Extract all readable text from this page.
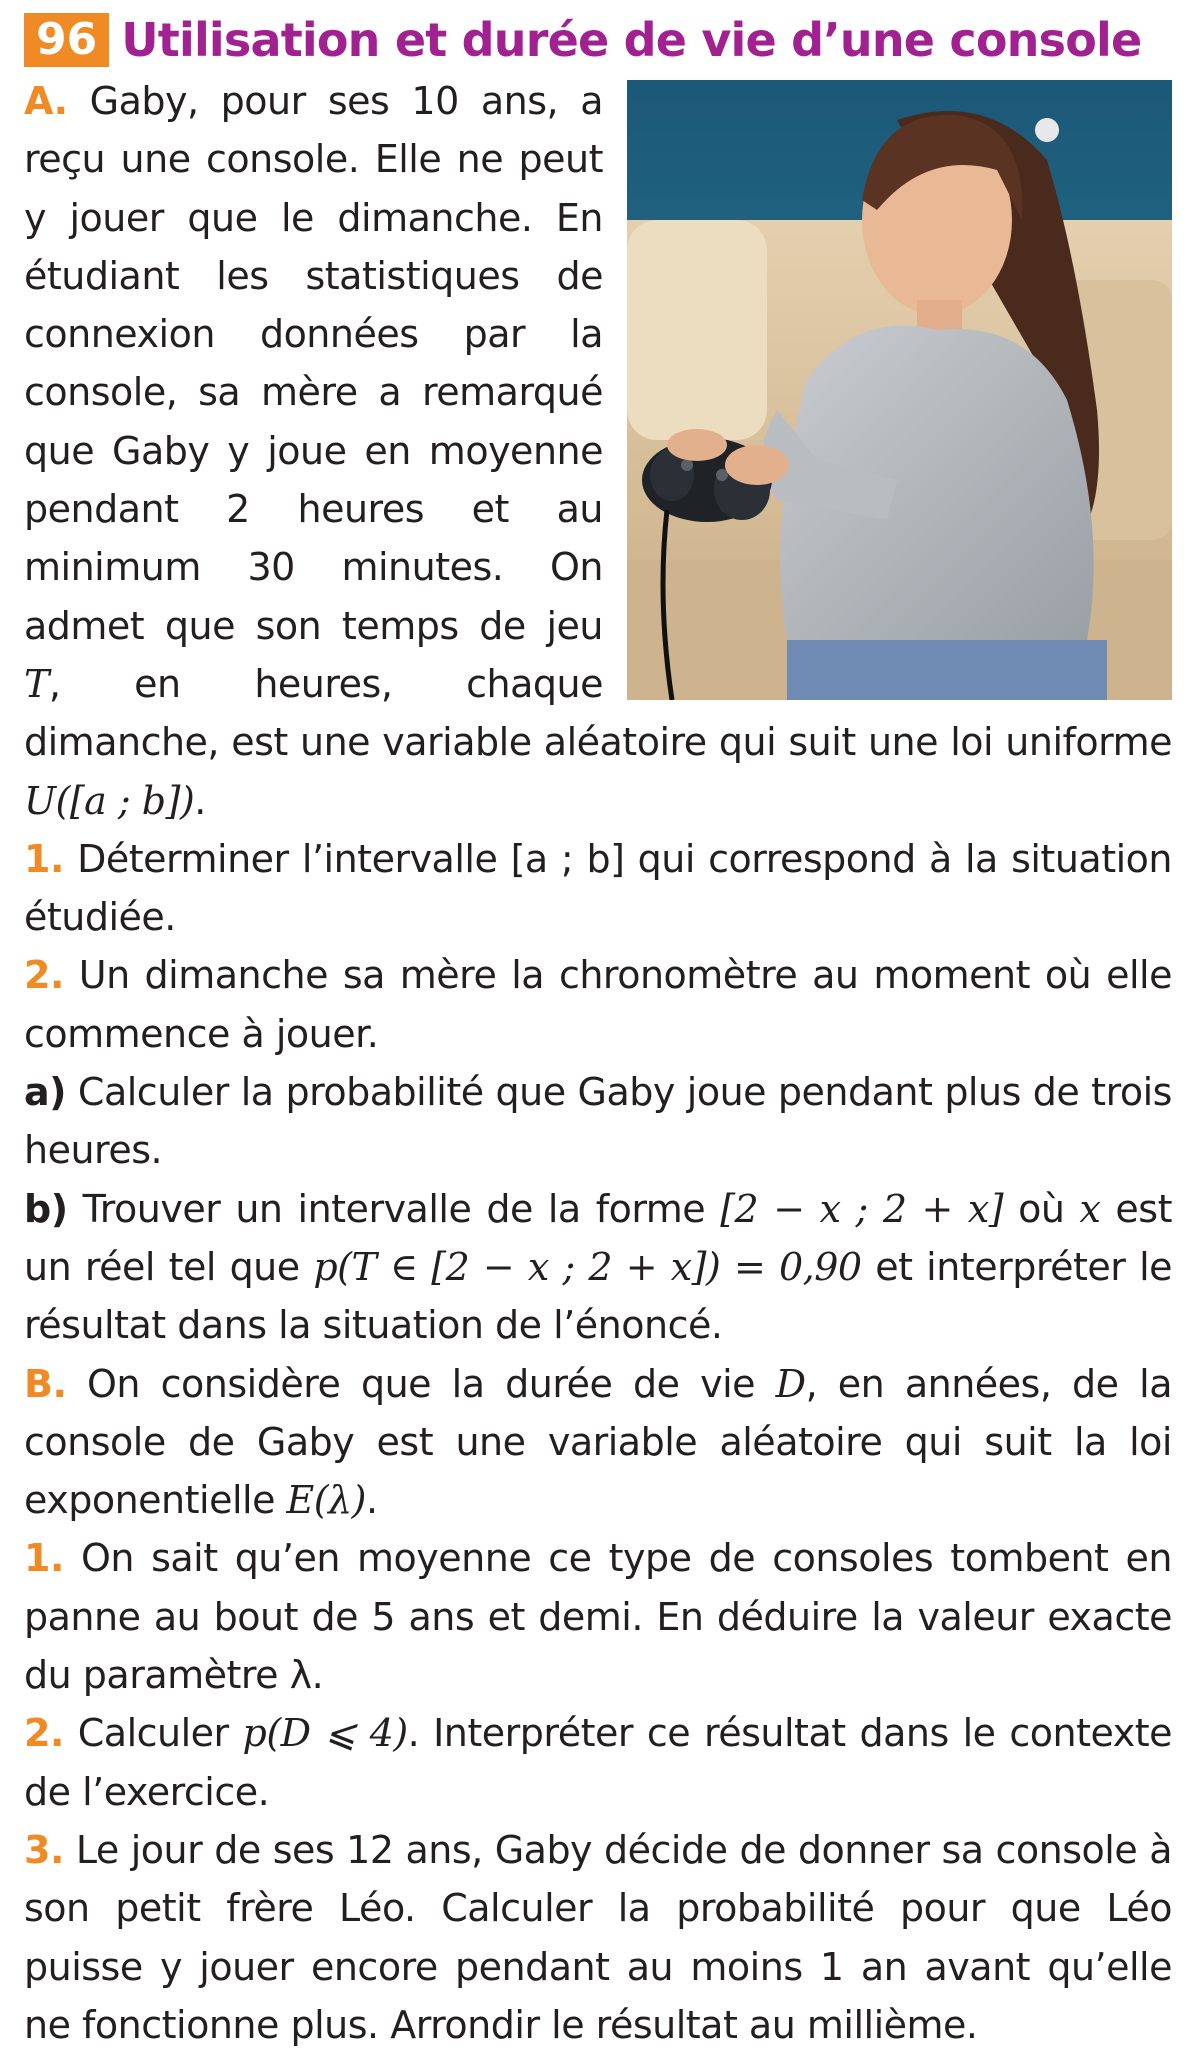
96 Utilisation et durée de vie d’une console

A. Gaby, pour ses 10 ans, a reçu une console. Elle ne peut y jouer que le dimanche. En étudiant les statistiques de connexion données par la console, sa mère a remarqué que Gaby y joue en moyenne pendant 2 heures et au minimum 30 minutes. On admet que son temps de jeu T, en heures, chaque dimanche, est une variable aléatoire qui suit une loi uniforme U([a ; b]).

1. Déterminer l’intervalle [a ; b] qui correspond à la situation étudiée.

2. Un dimanche sa mère la chronomètre au moment où elle commence à jouer.

a) Calculer la probabilité que Gaby joue pendant plus de trois heures.

b) Trouver un intervalle de la forme [2 − x ; 2 + x] où x est un réel tel que p(T ∈ [2 − x ; 2 + x]) = 0,90 et interpréter le résultat dans la situation de l’énoncé.

B. On considère que la durée de vie D, en années, de la console de Gaby est une variable aléatoire qui suit la loi exponentielle E(λ).

1. On sait qu’en moyenne ce type de consoles tombent en panne au bout de 5 ans et demi. En déduire la valeur exacte du paramètre λ.

2. Calculer p(D ⩽ 4). Interpréter ce résultat dans le contexte de l’exercice.

3. Le jour de ses 12 ans, Gaby décide de donner sa console à son petit frère Léo. Calculer la probabilité pour que Léo puisse y jouer encore pendant au moins 1 an avant qu’elle ne fonctionne plus. Arrondir le résultat au millième.
